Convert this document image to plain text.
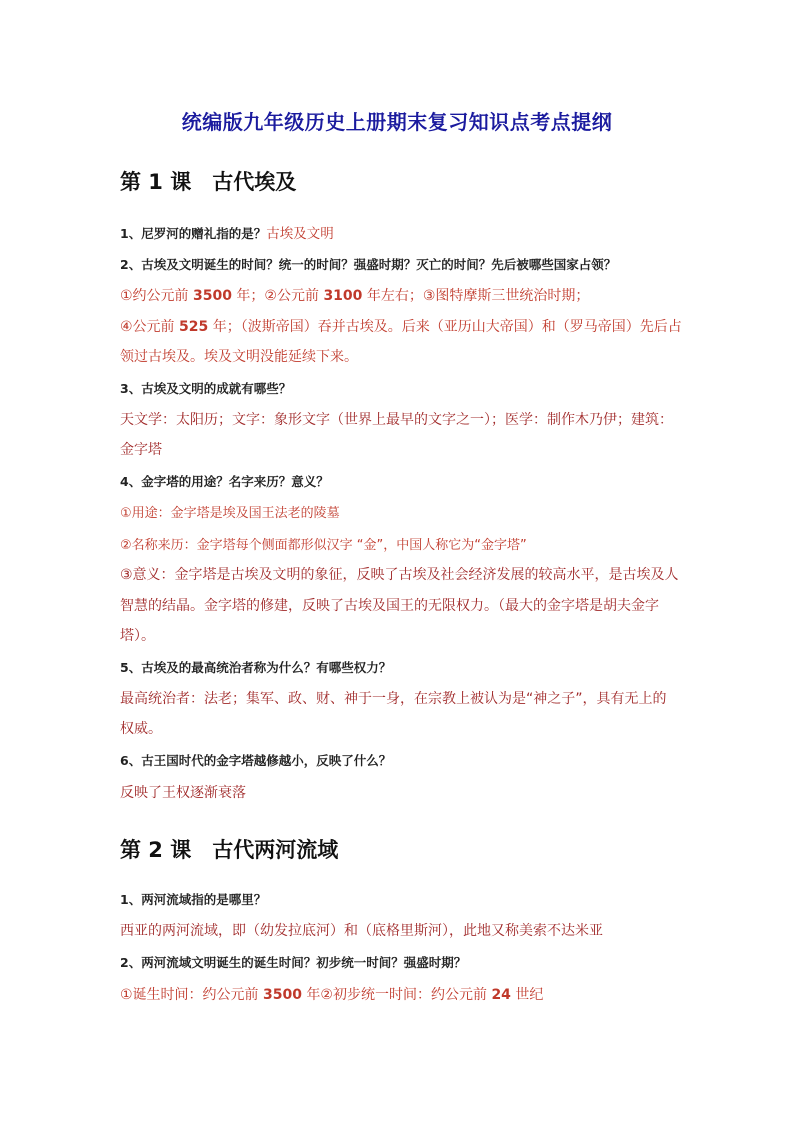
统编版九年级历史上册期末复习知识点考点提纲
第 1 课　古代埃及
1、尼罗河的赠礼指的是？古埃及文明
2、古埃及文明诞生的时间？统一的时间？强盛时期？灭亡的时间？先后被哪些国家占领？
①约公元前 3500 年；②公元前 3100 年左右；③图特摩斯三世统治时期；
④公元前 525 年；（波斯帝国）吞并古埃及。后来（亚历山大帝国）和（罗马帝国）先后占
领过古埃及。埃及文明没能延续下来。
3、古埃及文明的成就有哪些？
天文学：太阳历；文字：象形文字（世界上最早的文字之一）；医学：制作木乃伊；建筑：
金字塔
4、金字塔的用途？名字来历？意义？
①用途：金字塔是埃及国王法老的陵墓
②名称来历：金字塔每个侧面都形似汉字 “金”，中国人称它为“金字塔”
③意义：金字塔是古埃及文明的象征，反映了古埃及社会经济发展的较高水平，是古埃及人
智慧的结晶。金字塔的修建，反映了古埃及国王的无限权力。（最大的金字塔是胡夫金字
塔）。
5、古埃及的最高统治者称为什么？有哪些权力？
最高统治者：法老；集军、政、财、神于一身，在宗教上被认为是“神之子”，具有无上的
权威。
6、古王国时代的金字塔越修越小，反映了什么？
反映了王权逐渐衰落
第 2 课　古代两河流域
1、两河流域指的是哪里？
西亚的两河流域，即（幼发拉底河）和（底格里斯河），此地又称美索不达米亚
2、两河流域文明诞生的诞生时间？初步统一时间？强盛时期？
①诞生时间：约公元前 3500 年②初步统一时间：约公元前 24 世纪
